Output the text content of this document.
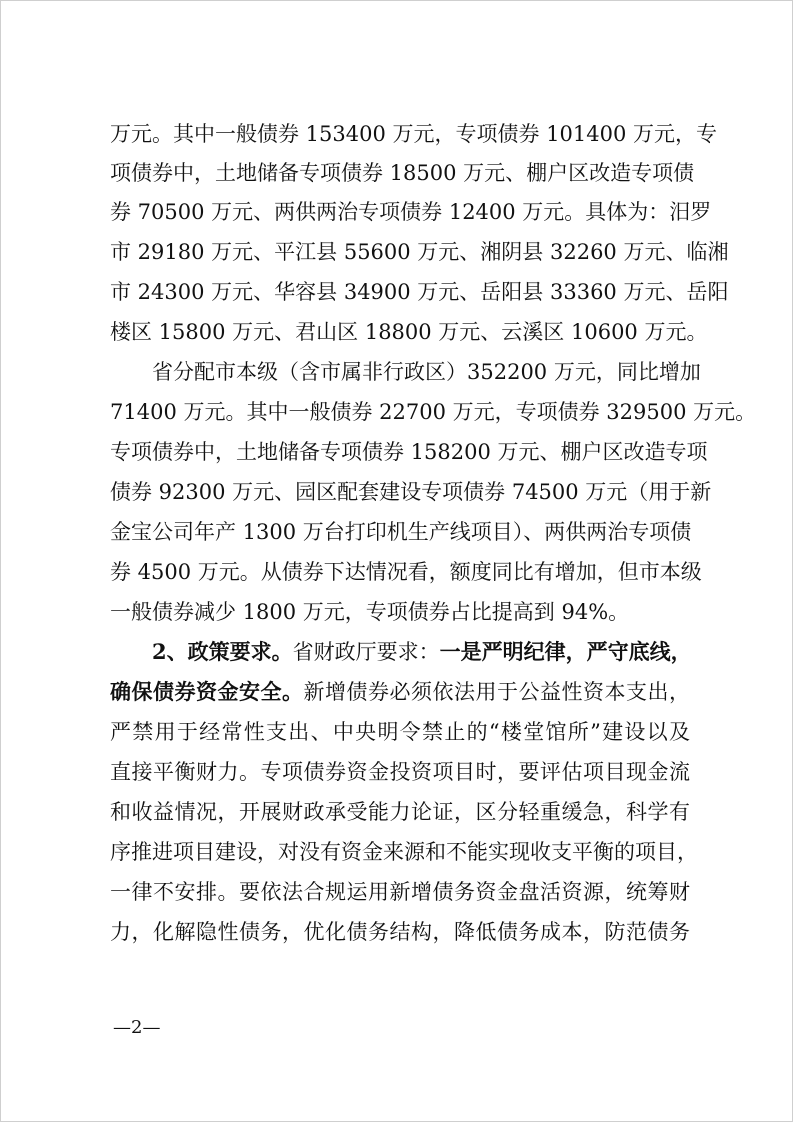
万元。其中一般债券 153400 万元，专项债券 101400 万元，专
项债券中，土地储备专项债券 18500 万元、棚户区改造专项债
券 70500 万元、两供两治专项债券 12400 万元。具体为：汨罗
市 29180 万元、平江县 55600 万元、湘阴县 32260 万元、临湘
市 24300 万元、华容县 34900 万元、岳阳县 33360 万元、岳阳
楼区 15800 万元、君山区 18800 万元、云溪区 10600 万元。
省分配市本级（含市属非行政区）352200 万元，同比增加
71400 万元。其中一般债券 22700 万元，专项债券 329500 万元。
专项债券中，土地储备专项债券 158200 万元、棚户区改造专项
债券 92300 万元、园区配套建设专项债券 74500 万元（用于新
金宝公司年产 1300 万台打印机生产线项目）、两供两治专项债
券 4500 万元。从债券下达情况看，额度同比有增加，但市本级
一般债券减少 1800 万元，专项债券占比提高到 94%。
2、政策要求。省财政厅要求：一是严明纪律，严守底线，
确保债券资金安全。新增债券必须依法用于公益性资本支出，
严禁用于经常性支出、中央明令禁止的“楼堂馆所”建设以及
直接平衡财力。专项债券资金投资项目时，要评估项目现金流
和收益情况，开展财政承受能力论证，区分轻重缓急，科学有
序推进项目建设，对没有资金来源和不能实现收支平衡的项目，
一律不安排。要依法合规运用新增债务资金盘活资源，统筹财
力，化解隐性债务，优化债务结构，降低债务成本，防范债务
—2—
